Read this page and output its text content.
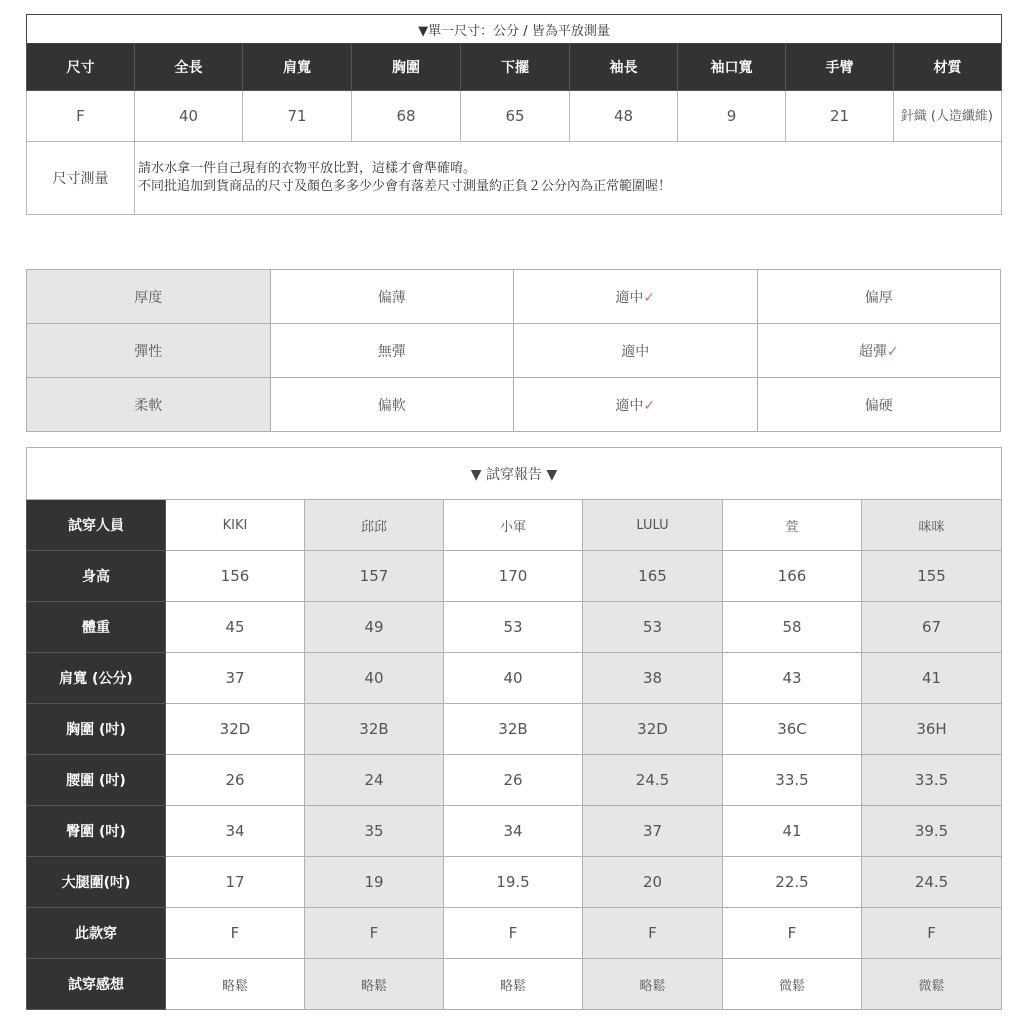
▼單一尺寸：公分 / 皆為平放測量								
尺寸	全長	肩寬	胸圍	下擺	袖長	袖口寬	手臂	材質
F	40	71	68	65	48	9	21	針織 (人造纖維)
尺寸測量	請水水拿一件自己現有的衣物平放比對，這樣才會準確唷。
不同批追加到貨商品的尺寸及顏色多多少少會有落差尺寸測量約正負２公分內為正常範圍喔！							
厚度	偏薄	適中✓	偏厚
彈性	無彈	適中	超彈✓
柔軟	偏軟	適中✓	偏硬
▼ 試穿報告 ▼						
試穿人員	KIKI	邱邱	小軍	LULU	萱	咪咪
身高	156	157	170	165	166	155
體重	45	49	53	53	58	67
肩寬 (公分)	37	40	40	38	43	41
胸圍 (吋)	32D	32B	32B	32D	36C	36H
腰圍 (吋)	26	24	26	24.5	33.5	33.5
臀圍 (吋)	34	35	34	37	41	39.5
大腿圍(吋)	17	19	19.5	20	22.5	24.5
此款穿	F	F	F	F	F	F
試穿感想	略鬆	略鬆	略鬆	略鬆	微鬆	微鬆
